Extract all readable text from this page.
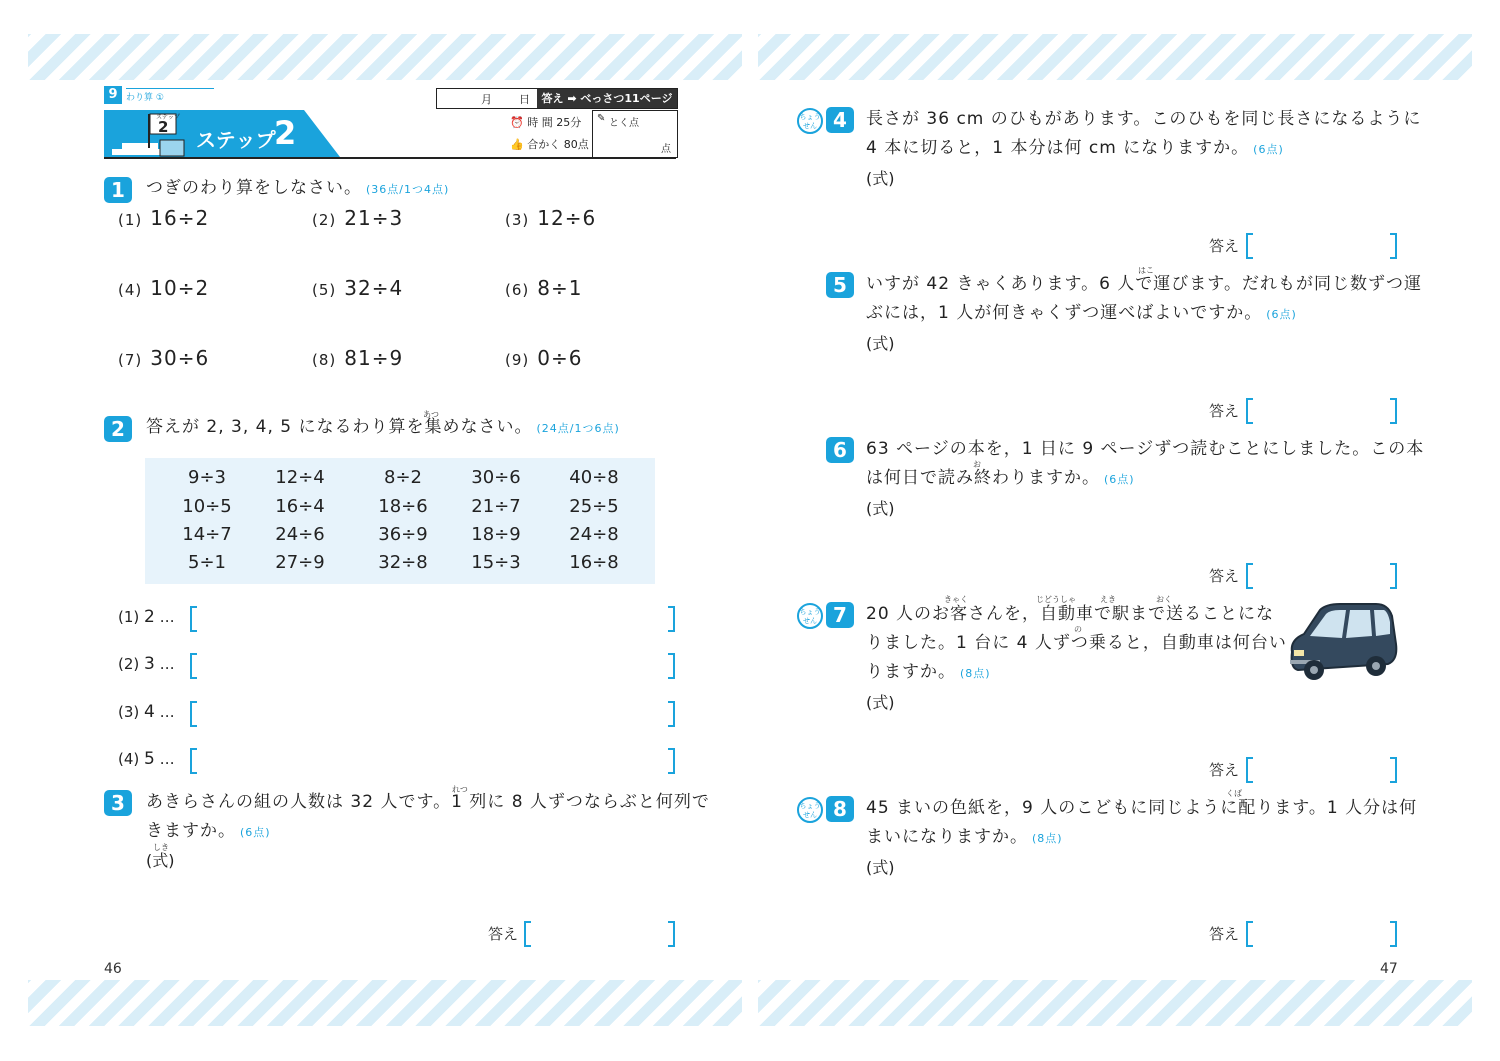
9 わり算 ①
ステップ
2
ステップ
2
月 日	答え ➡ べっさつ11ページ
⏰ 時 間 25分
👍 合かく 80点
✎ とく点
点
1	つぎのわり算をしなさい。 (36点/1つ4点)
(1) 16÷2	(2) 21÷3	(3) 12÷6
(4) 10÷2	(5) 32÷4	(6) 8÷1
(7) 30÷6	(8) 81÷9	(9) 0÷6
2
あつ
答えが 2, 3, 4, 5 になるわり算を集めなさい。 (24点/1つ6点)
9÷3	12÷4	8÷2	30÷6	40÷8
10÷5	16÷4	18÷6	21÷7	25÷5
14÷7	24÷6	36÷9	18÷9	24÷8
5÷1	27÷9	32÷8	15÷3	16÷8
(1) 2 …
(2) 3 …
(3) 4 …
(4) 5 …
3
れつ
あきらさんの組の人数は 32 人です。1 列に 8 人ずつならぶと何列で
きますか。 (6点)
しき
(式)
答え
46
ちょうせん 4	長さが 36 cm のひもがあります。このひもを同じ長さになるように
4 本に切ると，1 本分は何 cm になりますか。 (6点)
(式)
答え
5
はこ
いすが 42 きゃくあります。6 人で運びます。だれもが同じ数ずつ運
ぶには，1 人が何きゃくずつ運べばよいですか。 (6点)
(式)
答え
6	63 ページの本を，1 日に 9 ページずつ読むことにしました。この本
お
は何日で読み終わりますか。 (6点)
(式)
答え
ちょうせん 7
きゃく	じどうしゃ	えき	おく
20 人のお客さんを，自動車で駅まで送ることにな
の
りました。1 台に 4 人ずつ乗ると，自動車は何台い
りますか。 (8点)
(式)
答え
ちょうせん 8
くば
45 まいの色紙を，9 人のこどもに同じように配ります。1 人分は何
まいになりますか。 (8点)
(式)
答え
47
